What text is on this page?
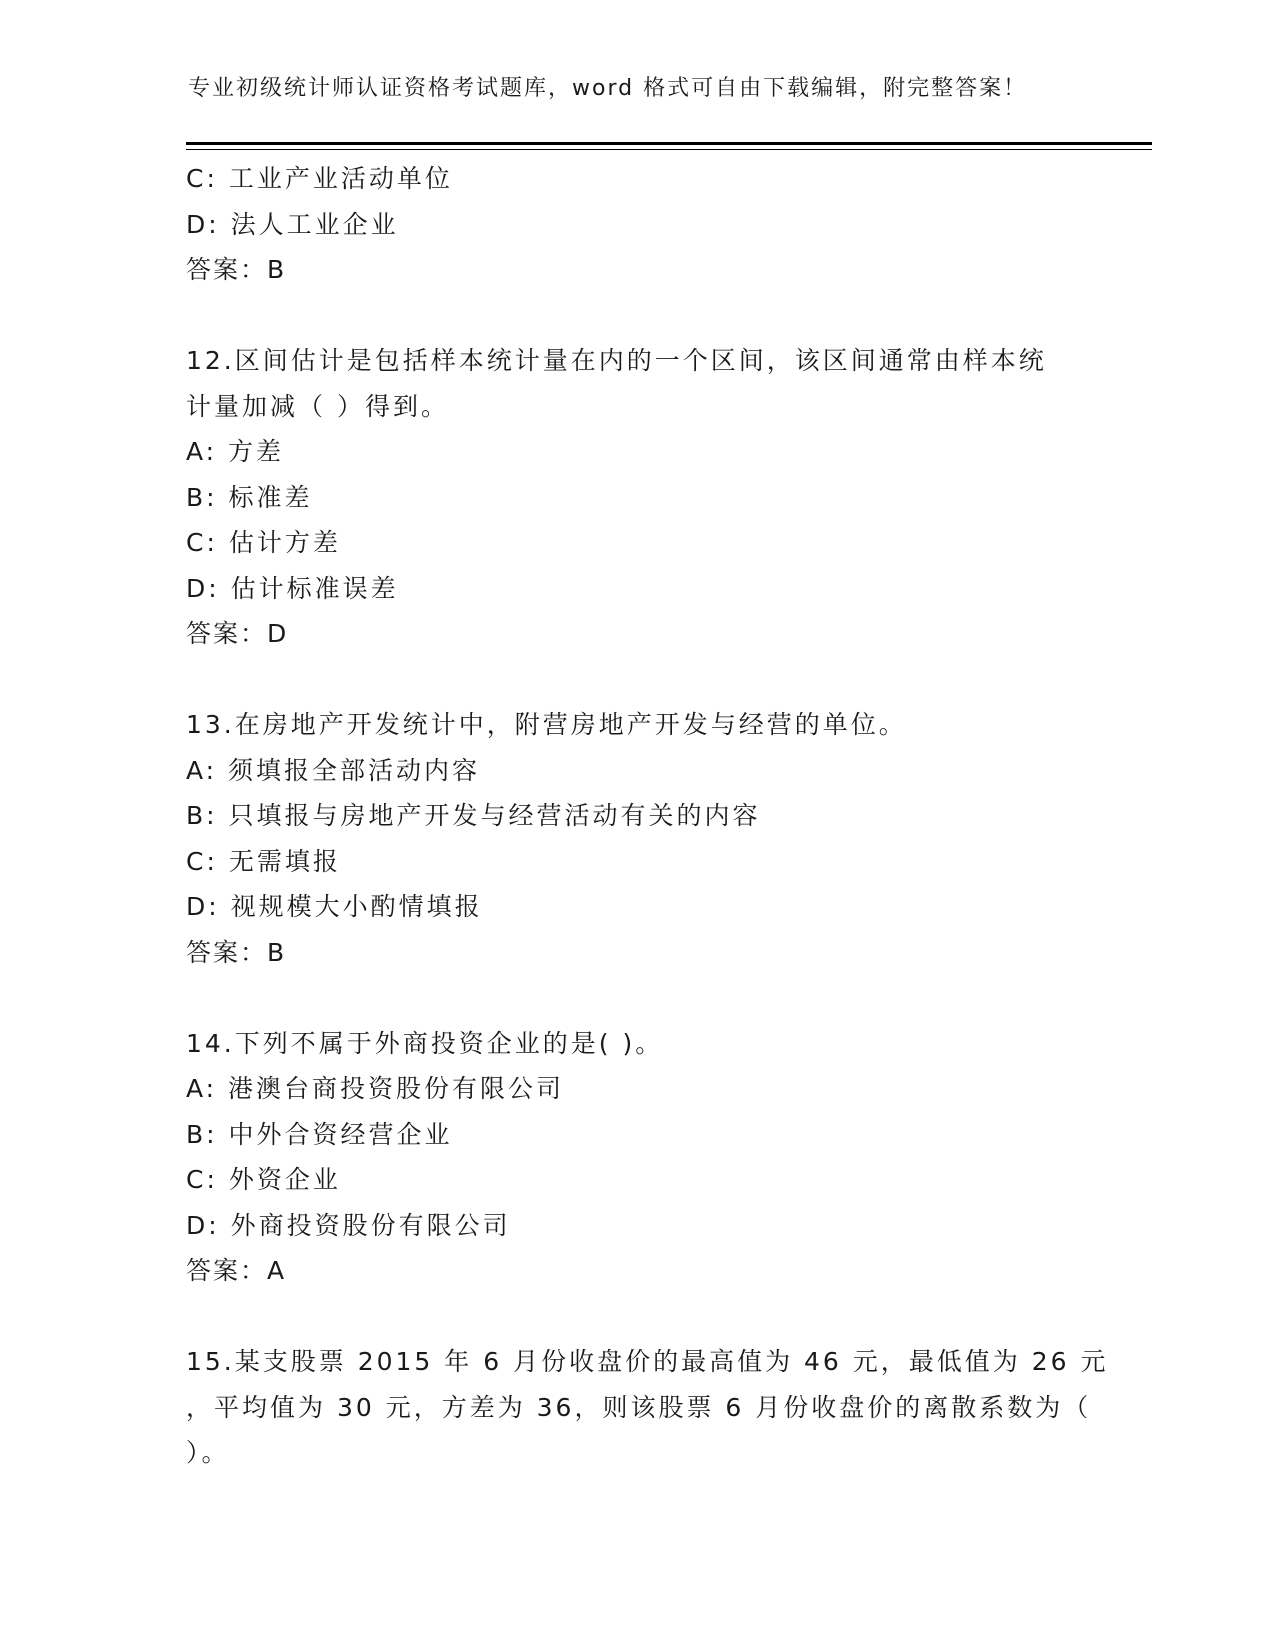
专业初级统计师认证资格考试题库，word 格式可自由下载编辑，附完整答案！
C: 工业产业活动单位
D: 法人工业企业
答案：B
12.区间估计是包括样本统计量在内的一个区间，该区间通常由样本统
计量加减（ ）得到。
A: 方差
B: 标准差
C: 估计方差
D: 估计标准误差
答案：D
13.在房地产开发统计中，附营房地产开发与经营的单位。
A: 须填报全部活动内容
B: 只填报与房地产开发与经营活动有关的内容
C: 无需填报
D: 视规模大小酌情填报
答案：B
14.下列不属于外商投资企业的是( )。
A: 港澳台商投资股份有限公司
B: 中外合资经营企业
C: 外资企业
D: 外商投资股份有限公司
答案：A
15.某支股票 2015 年 6 月份收盘价的最高值为 46 元，最低值为 26 元
，平均值为 30 元，方差为 36，则该股票 6 月份收盘价的离散系数为（
）。
